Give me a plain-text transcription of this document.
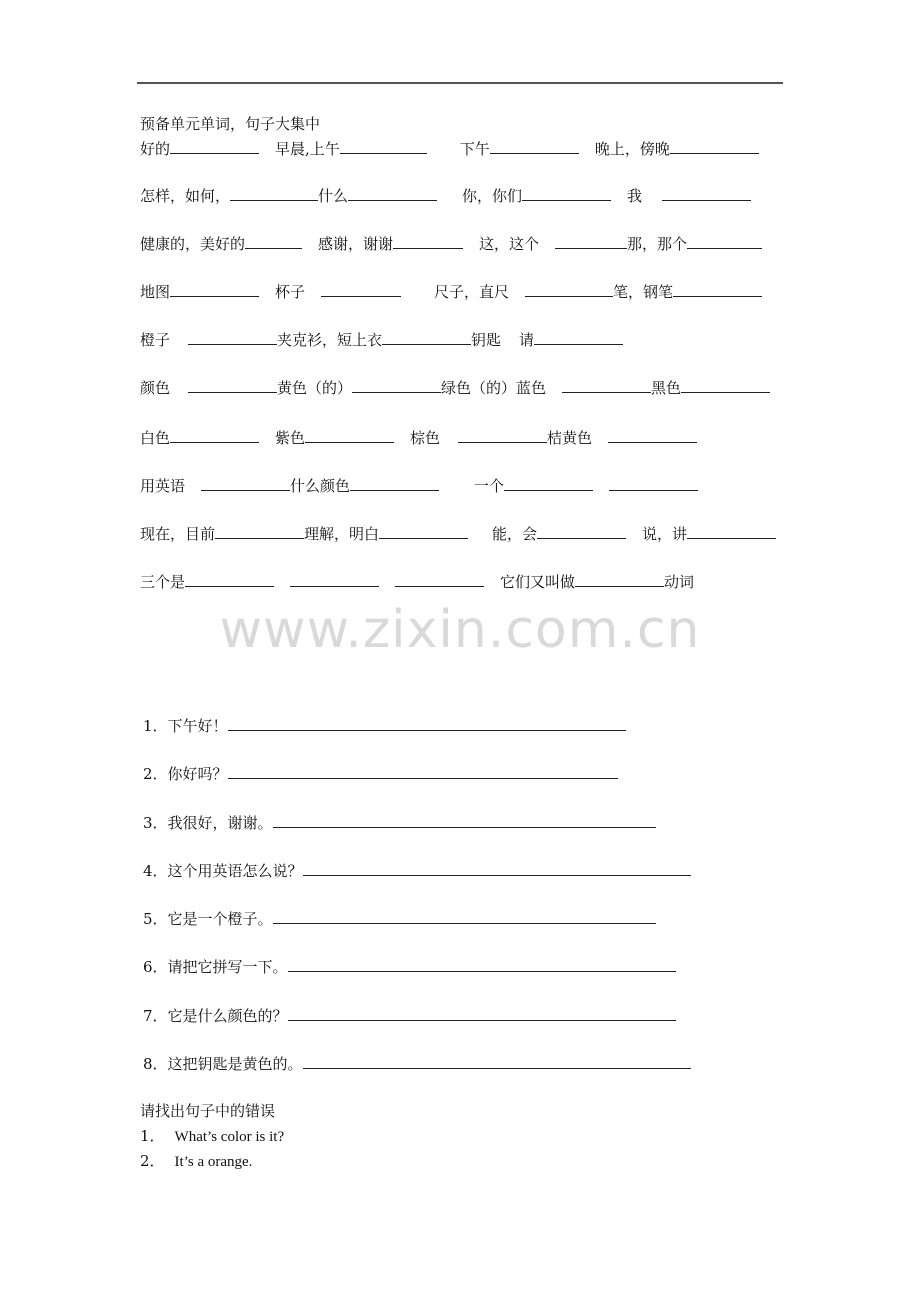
预备单元单词，句子大集中
好的	早晨,上午	下午	晚上，傍晚
怎样，如何，	什么	你，你们	我
健康的，美好的	感谢，谢谢	这，这个	那，那个
地图	杯子	尺子，直尺	笔，钢笔
橙子	夹克衫，短上衣	钥匙 请
颜色	黄色（的）	绿色（的）蓝色	黑色
白色	紫色	棕色	桔黄色
用英语	什么颜色	一个
现在，目前	理解，明白	能，会	说，讲
三个是	它们又叫做	动词
www.zixin.com.cn
1．下午好！
2．你好吗？
3．我很好，谢谢。
4．这个用英语怎么说？
5．它是一个橙子。
6．请把它拼写一下。
7．它是什么颜色的？
8．这把钥匙是黄色的。
请找出句子中的错误
1． What’s color is it?
2． It’s a orange.
